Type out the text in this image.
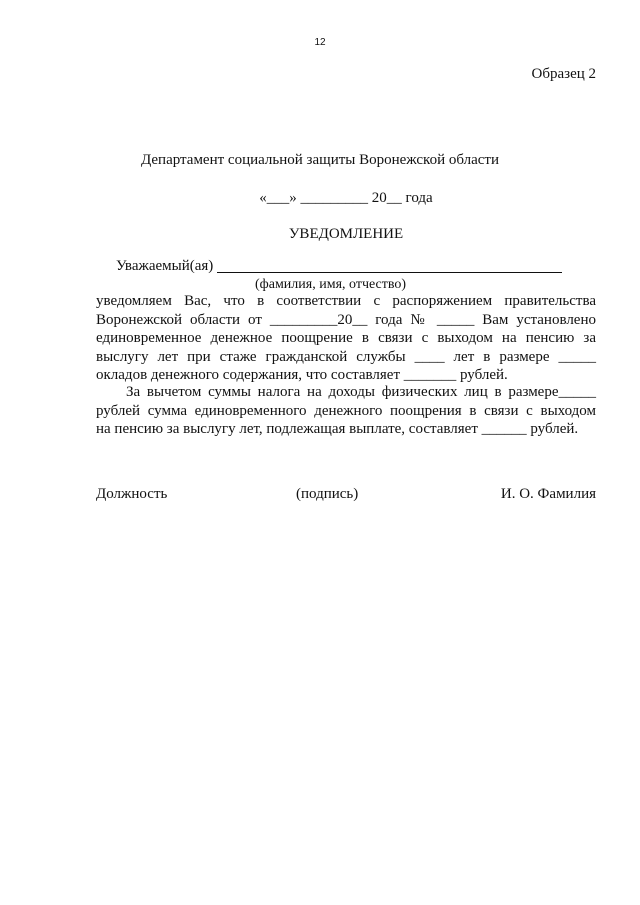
12
Образец 2
Департамент социальной защиты Воронежской области
«___» _________ 20__ года
УВЕДОМЛЕНИЕ
Уважаемый(ая)
(фамилия, имя, отчество)
уведомляем Вас, что в соответствии с распоряжением правительства
Воронежской области от _________20__ года № _____ Вам установлено
единовременное денежное поощрение в связи с выходом на пенсию за
выслугу лет при стаже гражданской службы ____ лет в размере _____
окладов денежного содержания, что составляет _______ рублей.
За вычетом суммы налога на доходы физических лиц в размере_____
рублей сумма единовременного денежного поощрения в связи с выходом
на пенсию за выслугу лет, подлежащая выплате, составляет ______ рублей.
Должность	(подпись)	И. О. Фамилия
